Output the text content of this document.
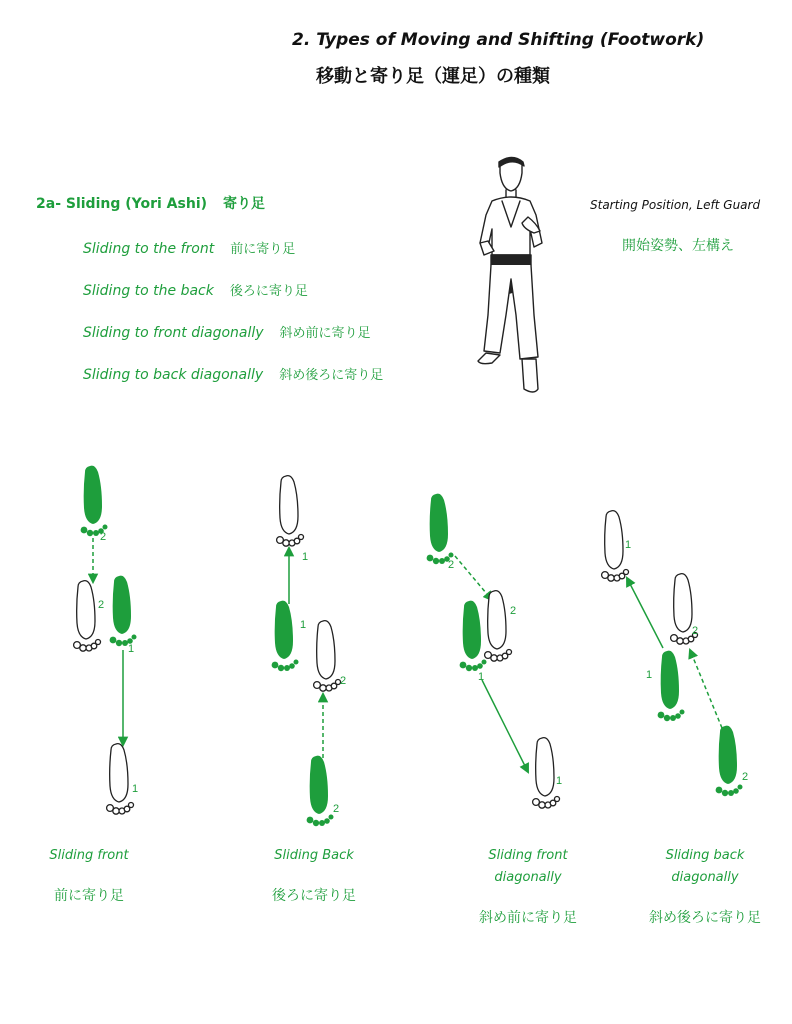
2. Types of Moving and Shifting (Footwork)
移動と寄り足（運足）の種類
2a- Sliding (Yori Ashi) 寄り足
Sliding to the front 前に寄り足
Sliding to the back 後ろに寄り足
Sliding to front diagonally 斜め前に寄り足
Sliding to back diagonally 斜め後ろに寄り足
Starting Position, Left Guard
開始姿勢、左構え
2
2
1
1
1
1
2
2
2
2
1
1
1
2
1
2
Sliding front
前に寄り足
Sliding Back
後ろに寄り足
Sliding front
diagonally
斜め前に寄り足
Sliding back
diagonally
斜め後ろに寄り足
